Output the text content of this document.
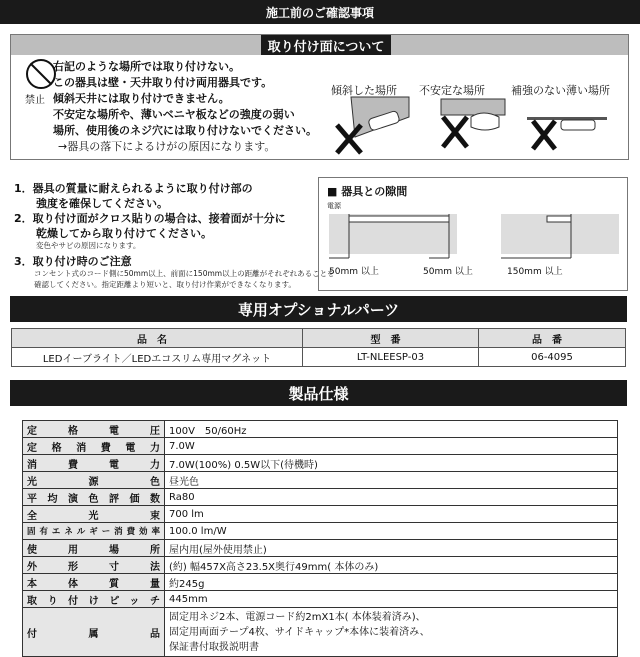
施工前のご確認事項
取り付け面について
禁止
右記のような場所では取り付けない。
この器具は壁・天井取り付け両用器具です。
傾斜天井には取り付けできません。
不安定な場所や、薄いベニヤ板などの強度の弱い
場所、使用後のネジ穴には取り付けないでください。
→器具の落下によるけがの原因になります。
傾斜した場所 不安定な場所 補強のない薄い場所
1．器具の質量に耐えられるように取り付け部の
強度を確保してください。
2．取り付け面がクロス貼りの場合は、接着面が十分に
乾燥してから取り付けてください。
変色やサビの原因になります。
3．取り付け時のご注意
コンセント式のコード側に50mm以上、前面に150mm以上の距離がそれぞれあることを
確認してください。指定距離より短いと、取り付け作業ができなくなります。
■ 器具との隙間
電源
50mm 以上	50mm 以上	150mm 以上
専用オプショナルパーツ
品名	型番	品番
LEDイーブライト／LEDエコスリム専用マグネット	LT-NLEESP-03	06-4095
製品仕様
定格電圧	100V　50/60Hz
定格消費電力	7.0W
消費電力	7.0W(100%) 0.5W以下(待機時)
光源色	昼光色
平均演色評価数	Ra80
全光束	700 lm
固有エネルギー消費効率	100.0 lm/W
使用場所	屋内用(屋外使用禁止)
外形寸法	(約) 幅457X高さ23.5X奥行49mm( 本体のみ)
本体質量	約245g
取り付けピッチ	445mm
付属品	固定用ネジ2本、電源コード約2mX1本( 本体装着済み)、
固定用両面テープ4枚、サイドキャップ*本体に装着済み、
保証書付取扱説明書
